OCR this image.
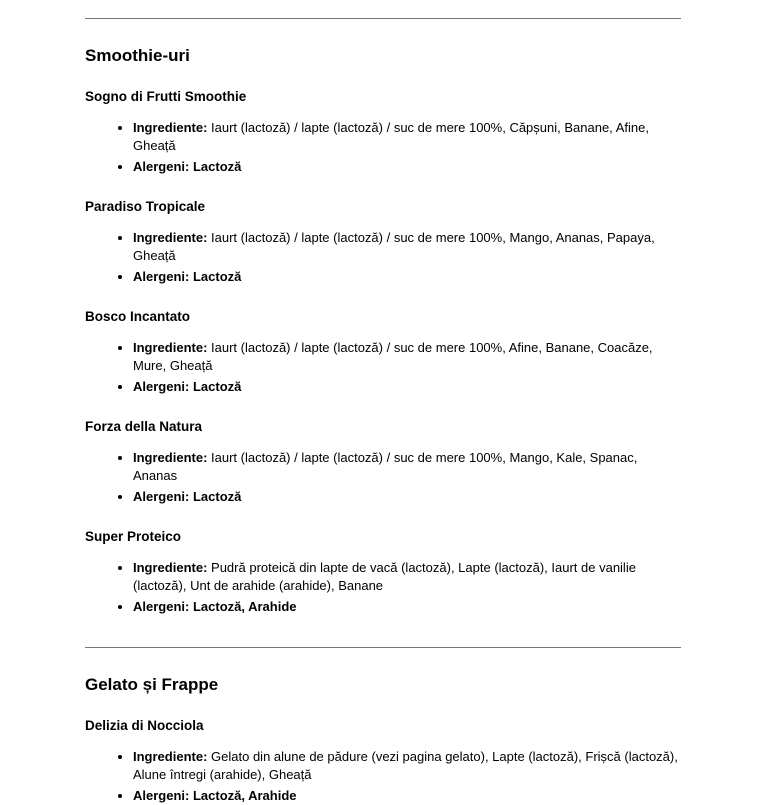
Smoothie-uri
Sogno di Frutti Smoothie
• Ingrediente: Iaurt (lactoză) / lapte (lactoză) / suc de mere 100%, Căpșuni, Banane, Afine, Gheață
• Alergeni: Lactoză
Paradiso Tropicale
• Ingrediente: Iaurt (lactoză) / lapte (lactoză) / suc de mere 100%, Mango, Ananas, Papaya, Gheață
• Alergeni: Lactoză
Bosco Incantato
• Ingrediente: Iaurt (lactoză) / lapte (lactoză) / suc de mere 100%, Afine, Banane, Coacăze, Mure, Gheață
• Alergeni: Lactoză
Forza della Natura
• Ingrediente: Iaurt (lactoză) / lapte (lactoză) / suc de mere 100%, Mango, Kale, Spanac, Ananas
• Alergeni: Lactoză
Super Proteico
• Ingrediente: Pudră proteică din lapte de vacă (lactoză), Lapte (lactoză), Iaurt de vanilie (lactoză), Unt de arahide (arahide), Banane
• Alergeni: Lactoză, Arahide
Gelato și Frappe
Delizia di Nocciola
• Ingrediente: Gelato din alune de pădure (vezi pagina gelato), Lapte (lactoză), Frișcă (lactoză), Alune întregi (arahide), Gheață
• Alergeni: Lactoză, Arahide
